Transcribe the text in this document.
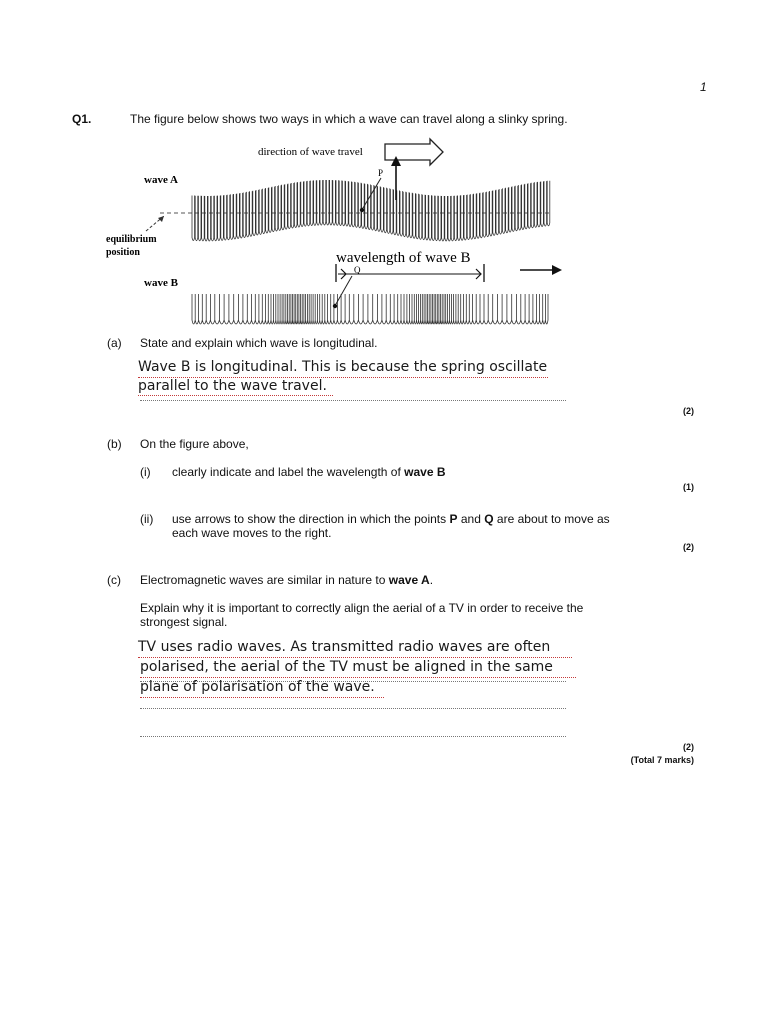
1
Q1.	The figure below shows two ways in which a wave can travel along a slinky spring.
direction of wave travel
wave A
equilibrium
position
wave B
P
wavelength of wave B
Q
(a) State and explain which wave is longitudinal.
Wave B is longitudinal. This is because the spring oscillate
parallel to the wave travel.
(2)
(b) On the figure above,
(i) clearly indicate and label the wavelength of wave B
(1)
(ii) use arrows to show the direction in which the points P and Q are about to move as
each wave moves to the right.
(2)
(c) Electromagnetic waves are similar in nature to wave A.
Explain why it is important to correctly align the aerial of a TV in order to receive the
strongest signal.
TV uses radio waves. As transmitted radio waves are often
polarised, the aerial of the TV must be aligned in the same
plane of polarisation of the wave.
(2)
(Total 7 marks)
